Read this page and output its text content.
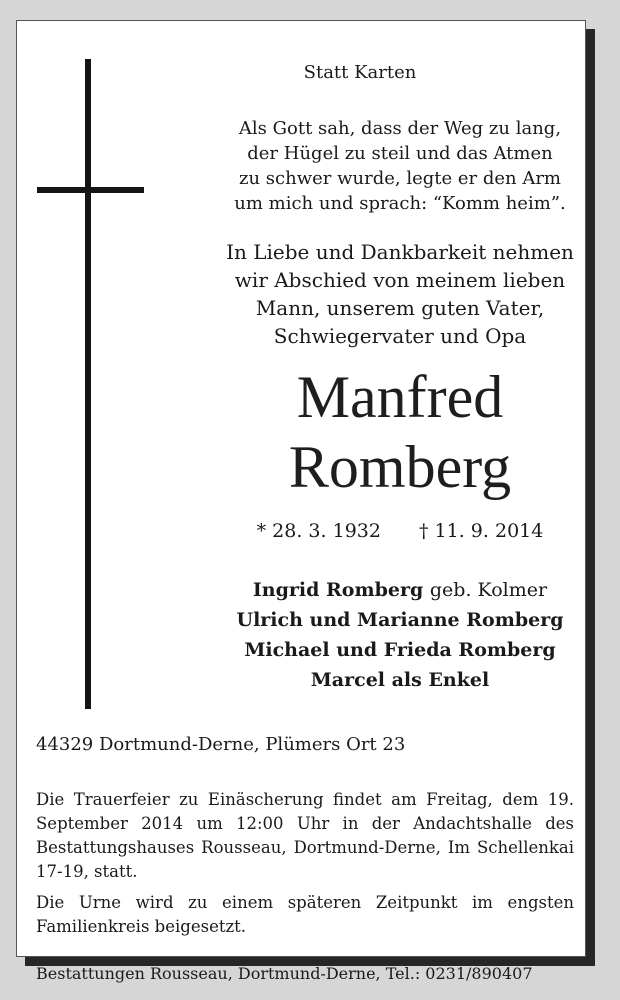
Statt Karten
Als Gott sah, dass der Weg zu lang,
der Hügel zu steil und das Atmen
zu schwer wurde, legte er den Arm
um mich und sprach: “Komm heim”.
In Liebe und Dankbarkeit nehmen
wir Abschied von meinem lieben
Mann, unserem guten Vater,
Schwiegervater und Opa
Manfred
Romberg
* 28. 3. 1932 † 11. 9. 2014
Ingrid Romberg geb. Kolmer
Ulrich und Marianne Romberg
Michael und Frieda Romberg
Marcel als Enkel
44329 Dortmund-Derne, Plümers Ort 23
Die Trauerfeier zu Einäscherung findet am Freitag, dem 19. September 2014 um 12:00 Uhr in der Andachtshalle des Bestattungshauses Rousseau, Dortmund-Derne, Im Schellenkai 17-19, statt.
Die Urne wird zu einem späteren Zeitpunkt im engsten Familienkreis beigesetzt.
Bestattungen Rousseau, Dortmund-Derne, Tel.: 0231/890407
